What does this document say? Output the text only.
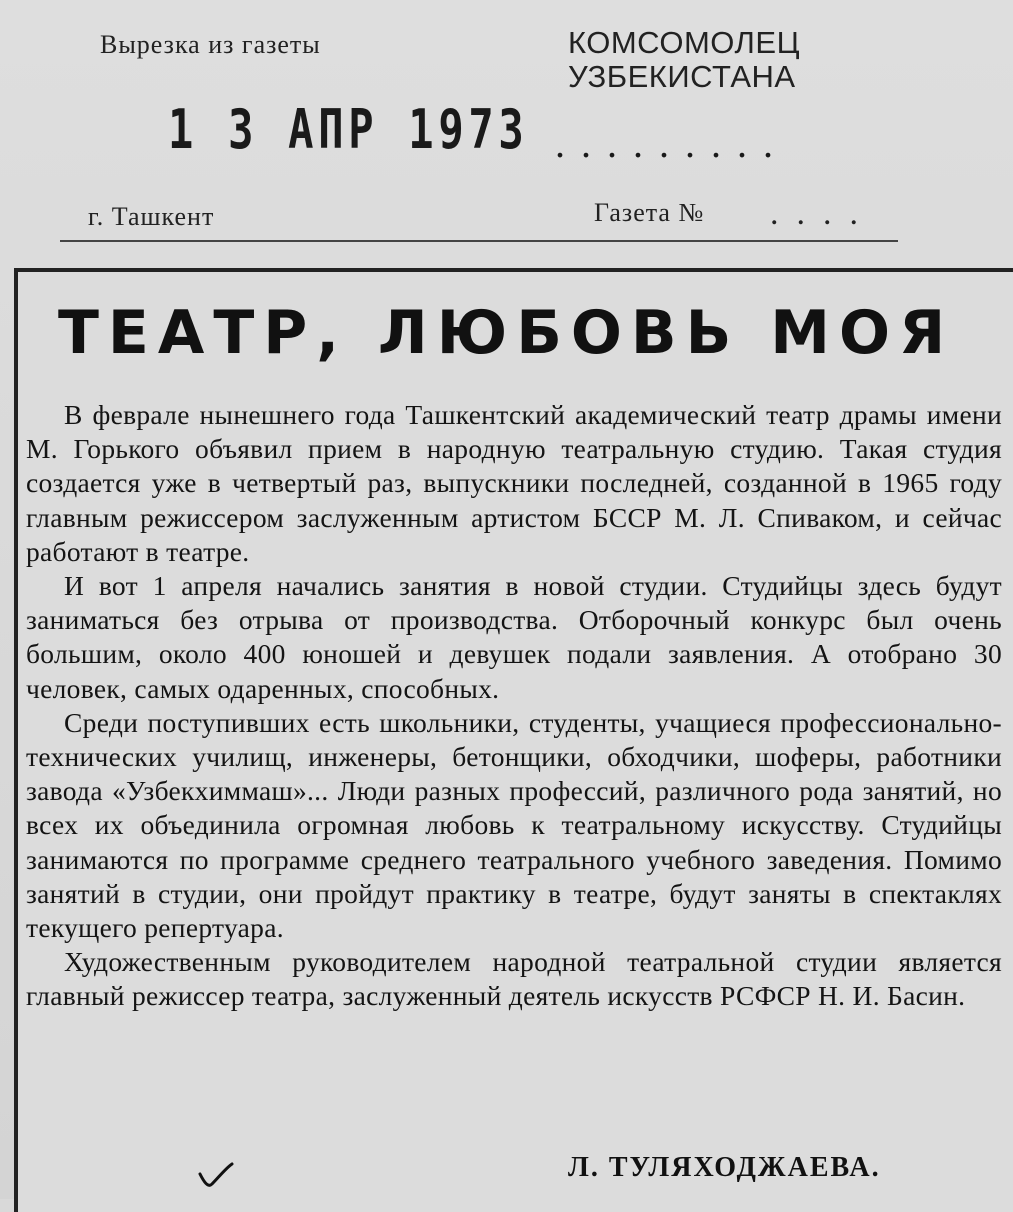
Вырезка из газеты	КОМСОМОЛЕЦ
УЗБЕКИСТАНА
1 3 АПР 1973 .........
г. Ташкент	Газета № ....
ТЕАТР, ЛЮБОВЬ МОЯ

В феврале нынешнего года Ташкентский академический театр драмы имени М. Горького объявил прием в народную театральную студию. Такая студия создается уже в четвертый раз, выпускники последней, созданной в 1965 году главным режиссером заслуженным артистом БССР М. Л. Спиваком, и сейчас работают в театре.

И вот 1 апреля начались занятия в новой студии. Студийцы здесь будут заниматься без отрыва от производства. Отборочный конкурс был очень большим, около 400 юношей и девушек подали заявления. А отобрано 30 человек, самых одаренных, способных.

Среди поступивших есть школьники, студенты, учащиеся профессионально-технических училищ, инженеры, бетонщики, обходчики, шоферы, работники завода «Узбекхиммаш»... Люди разных профессий, различного рода занятий, но всех их объединила огромная любовь к театральному искусству. Студийцы занимаются по программе среднего театрального учебного заведения. Помимо занятий в студии, они пройдут практику в театре, будут заняты в спектаклях текущего репертуара.

Художественным руководителем народной театральной студии является главный режиссер театра, заслуженный деятель искусств РСФСР Н. И. Басин.

Л. ТУЛЯХОДЖАЕВА.
